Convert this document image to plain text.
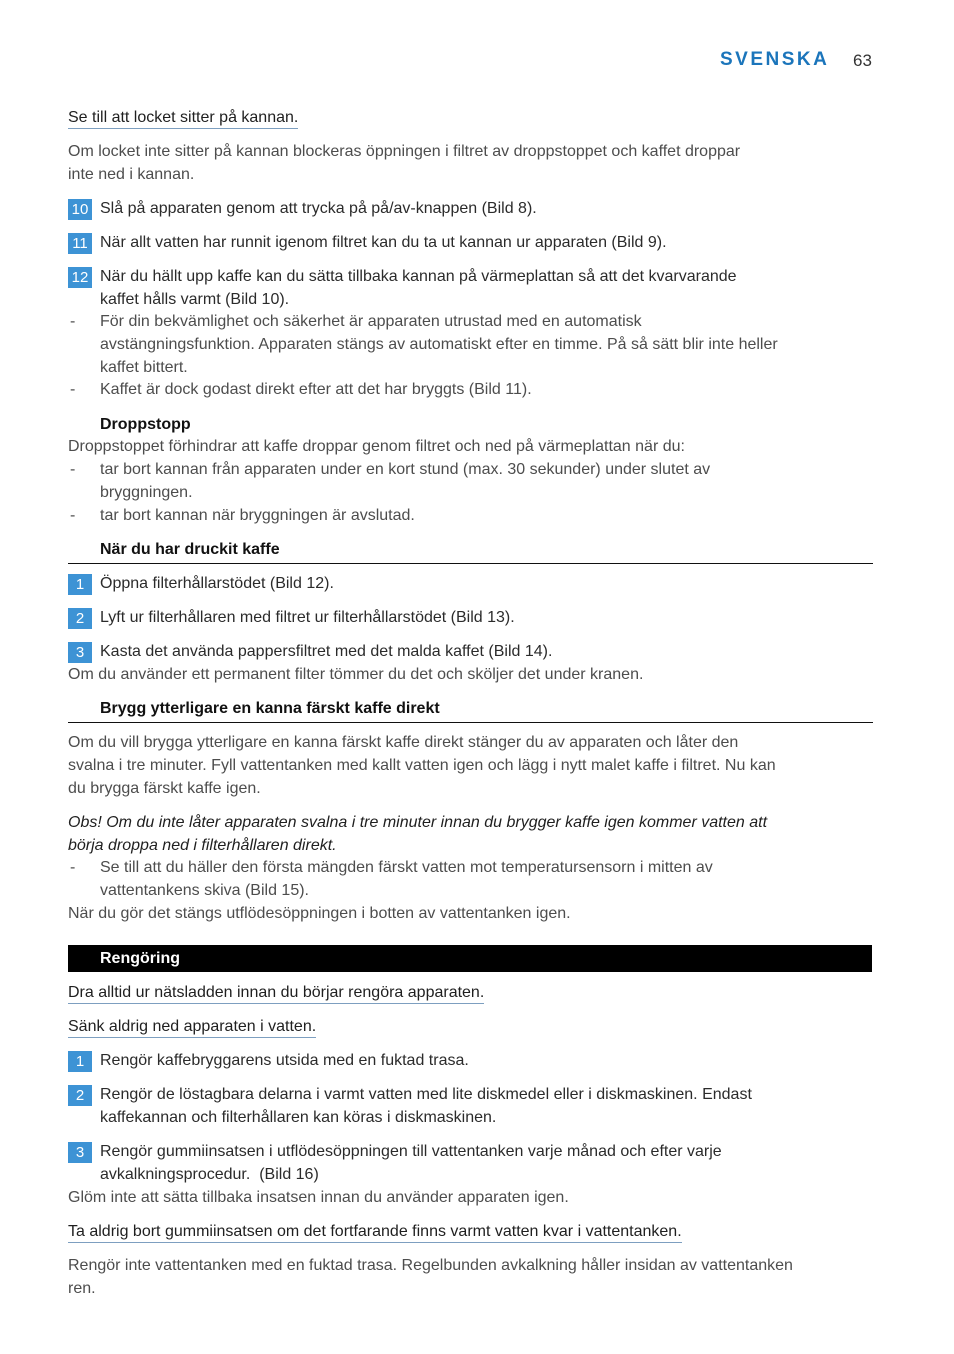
SVENSKA 63
Se till att locket sitter på kannan.
Om locket inte sitter på kannan blockeras öppningen i filtret av droppstoppet och kaffet droppar
inte ned i kannan.
10 Slå på apparaten genom att trycka på på/av-knappen (Bild 8).
11 När allt vatten har runnit igenom filtret kan du ta ut kannan ur apparaten (Bild 9).
12 När du hällt upp kaffe kan du sätta tillbaka kannan på värmeplattan så att det kvarvarande
kaffet hålls varmt (Bild 10).
-	För din bekvämlighet och säkerhet är apparaten utrustad med en automatisk
avstängningsfunktion. Apparaten stängs av automatiskt efter en timme. På så sätt blir inte heller
kaffet bittert.
-	Kaffet är dock godast direkt efter att det har bryggts (Bild 11).
Droppstopp
Droppstoppet förhindrar att kaffe droppar genom filtret och ned på värmeplattan när du:
-	tar bort kannan från apparaten under en kort stund (max. 30 sekunder) under slutet av
bryggningen.
-	tar bort kannan när bryggningen är avslutad.
När du har druckit kaffe
1 Öppna filterhållarstödet (Bild 12).
2 Lyft ur filterhållaren med filtret ur filterhållarstödet (Bild 13).
3 Kasta det använda pappersfiltret med det malda kaffet (Bild 14).
Om du använder ett permanent filter tömmer du det och sköljer det under kranen.
Brygg ytterligare en kanna färskt kaffe direkt
Om du vill brygga ytterligare en kanna färskt kaffe direkt stänger du av apparaten och låter den
svalna i tre minuter. Fyll vattentanken med kallt vatten igen och lägg i nytt malet kaffe i filtret. Nu kan
du brygga färskt kaffe igen.
Obs! Om du inte låter apparaten svalna i tre minuter innan du brygger kaffe igen kommer vatten att
börja droppa ned i filterhållaren direkt.
-	Se till att du häller den första mängden färskt vatten mot temperatursensorn i mitten av
vattentankens skiva (Bild 15).
När du gör det stängs utflödesöppningen i botten av vattentanken igen.
Rengöring
Dra alltid ur nätsladden innan du börjar rengöra apparaten.
Sänk aldrig ned apparaten i vatten.
1 Rengör kaffebryggarens utsida med en fuktad trasa.
2 Rengör de löstagbara delarna i varmt vatten med lite diskmedel eller i diskmaskinen. Endast
kaffekannan och filterhållaren kan köras i diskmaskinen.
3 Rengör gummiinsatsen i utflödesöppningen till vattentanken varje månad och efter varje
avkalkningsprocedur.  (Bild 16)
Glöm inte att sätta tillbaka insatsen innan du använder apparaten igen.
Ta aldrig bort gummiinsatsen om det fortfarande finns varmt vatten kvar i vattentanken.
Rengör inte vattentanken med en fuktad trasa. Regelbunden avkalkning håller insidan av vattentanken
ren.
